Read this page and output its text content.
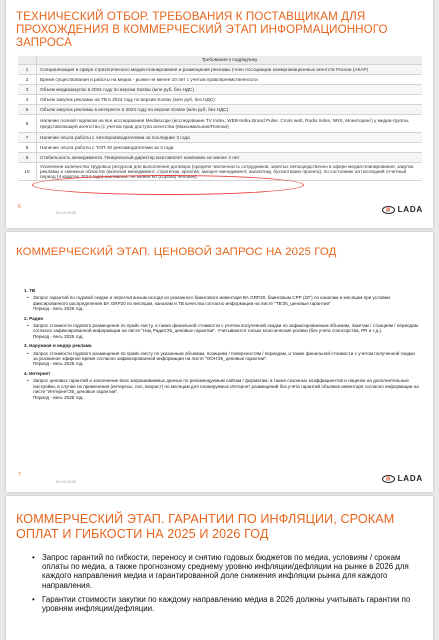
ТЕХНИЧЕСКИЙ ОТБОР. ТРЕБОВАНИЯ К ПОСТАВЩИКАМ ДЛЯ ПРОХОЖДЕНИЯ В КОММЕРЧЕСКИЙ ЭТАП ИНФОРМАЦИОННОГО ЗАПРОСА
	Требования к подрядчику
1	Специализация в сфере стратегического медиа-планирования и размещение рекламы (член Ассоциации коммуникационных агентств России (АКАР)
2	Время существования и работы на медиа - рынке не менее 10 лет с учетом правопреемственности
3	Объем медиазакупок в 2024 году по версии Sostav (млн руб, без НДС)
4	Объем закупок рекламы на ТВ в 2024 году по версии Sostav (млн руб, без НДС)
5	Объем закупок рекламы в интернете в 2024 году по версии Sostav (млн руб, без НДС)
6	Наличие полной подписки на все исследования Mediascope (исследование TV Index, WEB-Index,Brand Pulse, Cross web, Radio Index, NRS, Мониторинг) у медиа-группы, представляющей агентство (с учетом прав доступа агентства (Максимальная/Полная)
7	Наличие опыта работы с Автопроизводителями за последние 3 года
8	Наличие опыта работы с ТОП-30 рекламодателями за 3 года
9	Стабильность менеджмента. Генеральный директор возглавляет компанию не менее 3 лет
10	Усиленное количество трудовых ресурсов для выполнения договора (средняя численность сотрудников, занятых непосредственно в сфере медиа-планирования, закупок рекламы и смежных областях (включая менеджмент, стратегию, креатив, аккаунт-менеджмент, аналитику, бухгалтерию проекта), по состоянию на последний отчетный период (4 квартал 2024 года) составляет не менее 80 (сорока) человек)
6
04.09.2025	⛵ LADA
КОММЕРЧЕСКИЙ ЭТАП. ЦЕНОВОЙ ЗАПРОС НА 2025 ГОД
1. ТВ
• Запрос гарантий по годовой скидке и пересчитанным исходя из указанного баингового инвентаря ВА GRP20, баинговым CPP (20") по каналам и месяцам при условии фиксированного распределения ВА GRP20 по месяцам, каналам и ТВ качества согласно информации на листе "ТВ'25_ценовые гарантии"
Период - весь 2025 год.
2. Радио
• Запрос стоимости годового размещения по прайс-листу, а также финальной стоимости с учетом полученной скидки по зафиксированным объемам, пакетам / станциям / периодам согласно зафиксированной информации на листе "Нац Радио'25_ценовые гарантии". Учитываются только классические ролики (без учета спонсорства, PR и т.д.).
Период - весь 2025 год.
3. Наружная и индор реклама
• Запрос стоимости годового размещения по прайс-листу по указанным объемам, позициям / поверхностям / периодам, а также финальной стоимости с учетом полученной скидки за указанное эфирное время согласно зафиксированной информации на листе "OOH'25_ценовые гарантии".
Период - весь 2025 год.
4. Интернет
• Запрос ценовых гарантий и заполнение всех запрашиваемых данных по рекомендуемым сайтам / форматам, а также сезонных коэффициентов и наценок на дополнительные настройки, в случае их применения (интересы, пол, возраст) по месяцам для планируемых Интернет размещений без учета гарантий объемов инвентаря согласно информации на листе "Интернет'25_ценовые гарантии".
Период - весь 2025 год.
7
04.09.2025	⛵ LADA
КОММЕРЧЕСКИЙ ЭТАП. ГАРАНТИИ ПО ИНФЛЯЦИИ, СРОКАМ ОПЛАТ И ГИБКОСТИ НА 2025 И 2026 ГОД
• Запрос гарантий по гибкости, переносу и снятию годовых бюджетов по медиа, условиям / срокам оплаты по медиа, а также прогнозному среднему уровню инфляции/дефляции на рынке в 2026 для каждого направления медиа и гарантированной доле снижения инфляции рынка для каждого направления.
• Гарантии стоимости закупки по каждому направлению медиа в 2026 должны учитывать гарантии по уровням инфляции/дефляции.
